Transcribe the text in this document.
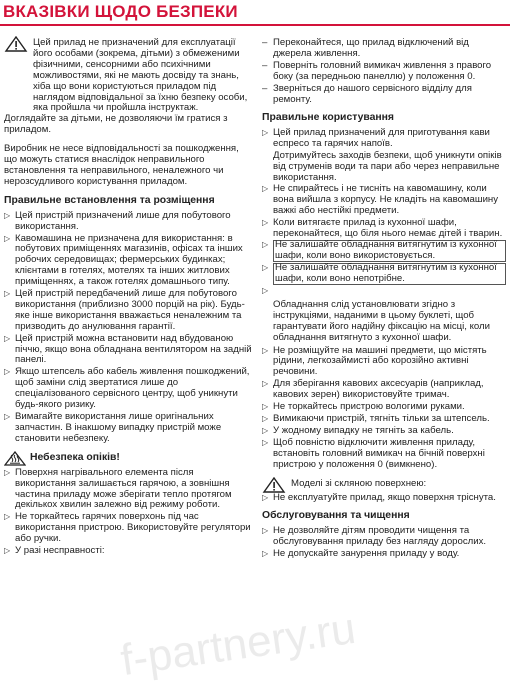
ВКАЗІВКИ ЩОДО БЕЗПЕКИ

Цей прилад не призначений для експлуатації його особами (зокрема, дітьми) з обмеженими фізичними, сенсорними або психічними можливостями, які не мають досвіду та знань, хіба що вони користуються приладом під наглядом відповідальної за їхню безпеку особи, яка пройшла чи пройшла інструктаж.

Доглядайте за дітьми, не дозволяючи їм гратися з приладом.

Виробник не несе відповідальності за пошкодження, що можуть статися внаслідок неправильного встановлення та неправильного, неналежного чи нерозсудливого користування приладом.

Правильне встановлення та розміщення
▷ Цей пристрій призначений лише для побутового використання.
▷ Кавомашина не призначена для використання: в побутових приміщеннях магазинів, офісах та інших робочих середовищах; фермерських будинках; клієнтами в готелях, мотелях та інших житлових приміщеннях, а також готелях домашнього типу.
▷ Цей пристрій передбачений лише для побутового використання (приблизно 3000 порцій на рік). Будь-яке інше використання вважається неналежним та призводить до анулювання гарантії.
▷ Цей пристрій можна встановити над вбудованою піччю, якщо вона обладнана вентилятором на задній панелі.
▷ Якщо штепсель або кабель живлення пошкоджений, щоб заміни слід звертатися лише до спеціалізованого сервісного центру, щоб уникнути будь-якого ризику.
▷ Вимагайте використання лише оригінальних запчастин. В інакшому випадку пристрій може становити небезпеку.
Небезпека опіків!
▷ Поверхня нагрівального елемента після використання залишається гарячою, а зовнішня частина приладу може зберігати тепло протягом декількох хвилин залежно від режиму роботи.
▷ Не торкайтесь гарячих поверхонь під час використання пристрою. Використовуйте регулятори або ручки.
▷ У разі несправності:
– Переконайтеся, що прилад відключений від джерела живлення.
– Поверніть головний вимикач живлення з правого боку (за передньою панеллю) у положення 0.
– Зверніться до нашого сервісного відділу для ремонту.
Правильне користування
▷ Цей прилад призначений для приготування кави еспресо та гарячих напоїв.

Дотримуйтесь заходів безпеки, щоб уникнути опіків від струменів води та пари або через неправильне використання.

▷ Не спирайтесь і не тисніть на кавомашину, коли вона вийшла з корпусу. Не кладіть на кавомашину важкі або нестійкі предмети.
▷ Коли витягаєте прилад із кухонної шафи, переконайтеся, що біля нього немає дітей і тварин.
▷ Не залишайте обладнання витягнутим із кухонної шафи, коли воно використовується.
▷ Не залишайте обладнання витягнутим із кухонної шафи, коли воно непотрібне.
▷

Обладнання слід установлювати згідно з інструкціями, наданими в цьому буклеті, щоб гарантувати його надійну фіксацію на місці, коли обладнання витягнуто з кухонної шафи.

▷ Не розміщуйте на машині предмети, що містять рідини, легкозаймисті або корозійно активні речовини.
▷ Для зберігання кавових аксесуарів (наприклад, кавових зерен) використовуйте тримач.
▷ Не торкайтесь пристрою вологими руками.
▷ Вимикаючи пристрій, тягніть тільки за штепсель.
▷ У жодному випадку не тягніть за кабель.
▷ Щоб повністю відключити живлення приладу, встановіть головний вимикач на бічній поверхні пристрою у положення 0 (вимкнено).
Моделі зі скляною поверхнею:
▷ Не експлуатуйте прилад, якщо поверхня тріснута.
Обслуговування та чищення
▷ Не дозволяйте дітям проводити чищення та обслуговування приладу без нагляду дорослих.
▷ Не допускайте занурення приладу у воду.
f-partnery.ru
